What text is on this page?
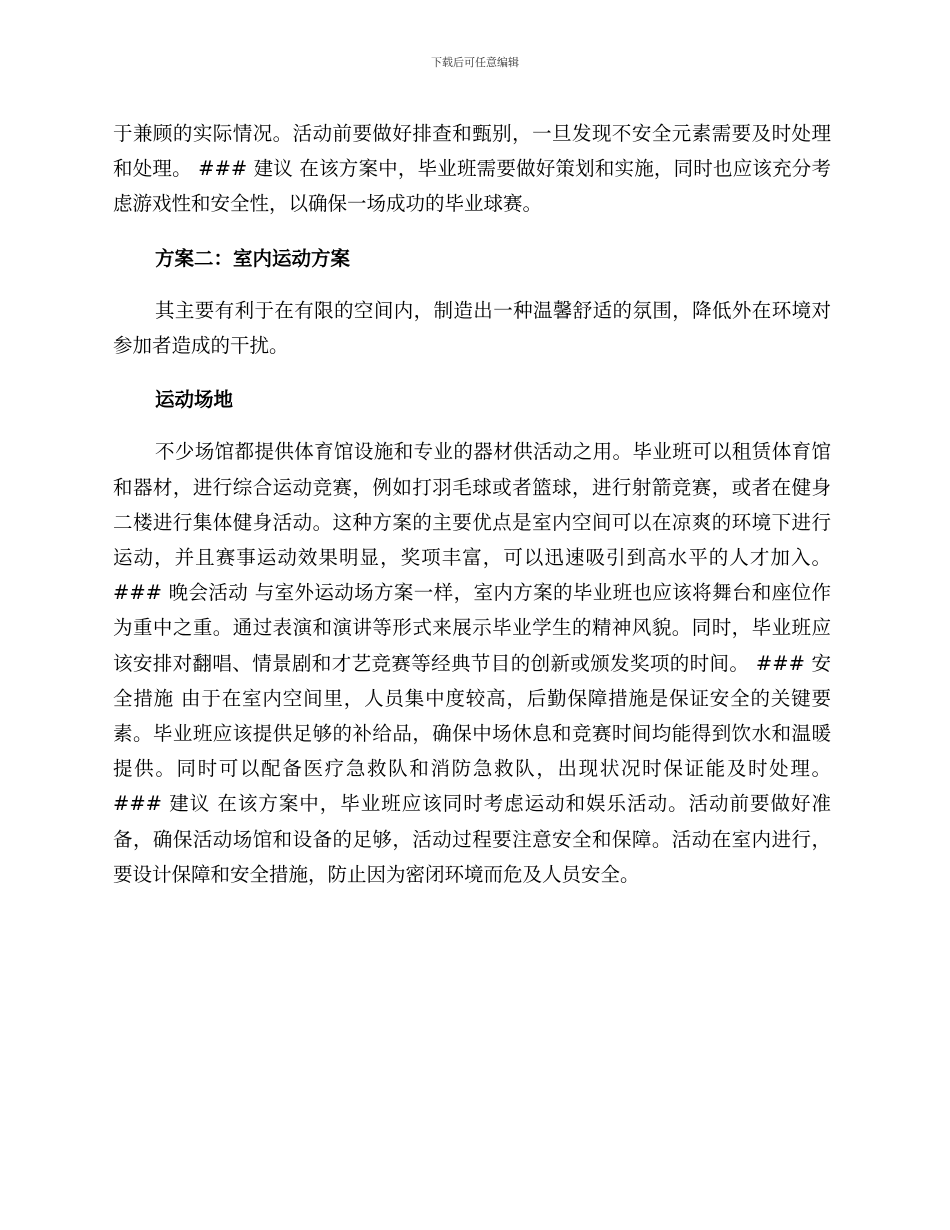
下载后可任意编辑

于兼顾的实际情况。活动前要做好排查和甄别，一旦发现不安全元素需要及时处理和处理。 ### 建议 在该方案中，毕业班需要做好策划和实施，同时也应该充分考虑游戏性和安全性，以确保一场成功的毕业球赛。

方案二：室内运动方案

其主要有利于在有限的空间内，制造出一种温馨舒适的氛围，降低外在环境对参加者造成的干扰。

运动场地

不少场馆都提供体育馆设施和专业的器材供活动之用。毕业班可以租赁体育馆和器材，进行综合运动竞赛，例如打羽毛球或者篮球，进行射箭竞赛，或者在健身二楼进行集体健身活动。这种方案的主要优点是室内空间可以在凉爽的环境下进行运动，并且赛事运动效果明显，奖项丰富，可以迅速吸引到高水平的人才加入。 ### 晚会活动 与室外运动场方案一样，室内方案的毕业班也应该将舞台和座位作为重中之重。通过表演和演讲等形式来展示毕业学生的精神风貌。同时，毕业班应该安排对翻唱、情景剧和才艺竞赛等经典节目的创新或颁发奖项的时间。 ### 安全措施 由于在室内空间里，人员集中度较高，后勤保障措施是保证安全的关键要素。毕业班应该提供足够的补给品，确保中场休息和竞赛时间均能得到饮水和温暖提供。同时可以配备医疗急救队和消防急救队，出现状况时保证能及时处理。 ### 建议 在该方案中，毕业班应该同时考虑运动和娱乐活动。活动前要做好准备，确保活动场馆和设备的足够，活动过程要注意安全和保障。活动在室内进行，要设计保障和安全措施，防止因为密闭环境而危及人员安全。
